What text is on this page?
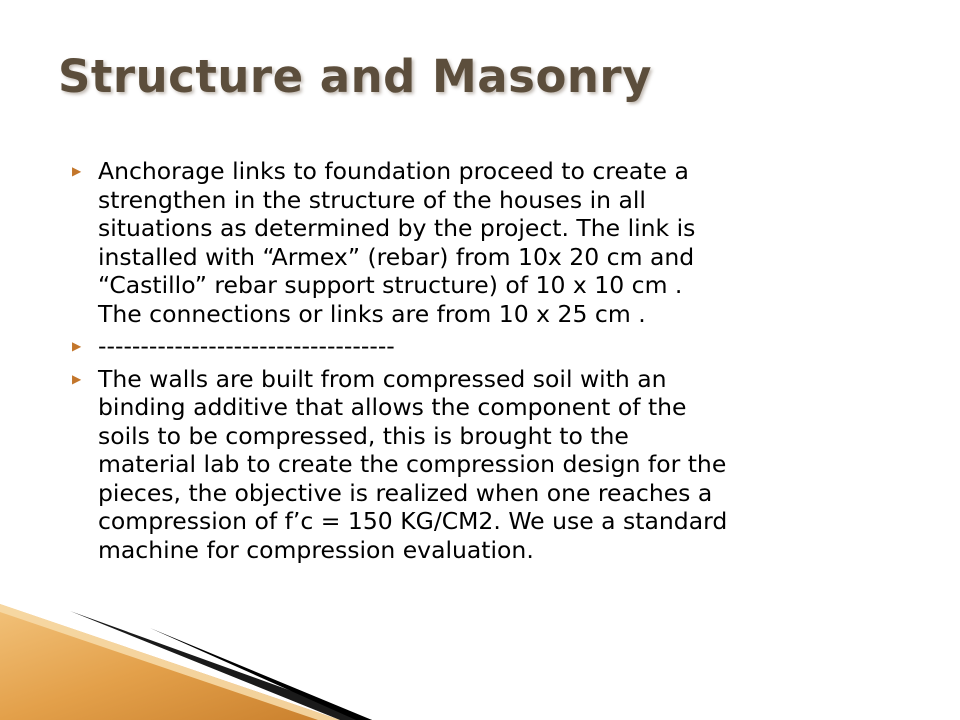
Structure and Masonry
▶ Anchorage links to foundation proceed to create a
strengthen in the structure of the houses in all
situations as determined by the project. The link is
installed with “Armex” (rebar) from 10x 20 cm and
“Castillo” rebar support structure) of 10 x 10 cm .
The connections or links are from 10 x 25 cm .
▶ -----------------------------------
▶ The walls are built from compressed soil with an
binding additive that allows the component of the
soils to be compressed, this is brought to the
material lab to create the compression design for the
pieces, the objective is realized when one reaches a
compression of f’c = 150 KG/CM2. We use a standard
machine for compression evaluation.
